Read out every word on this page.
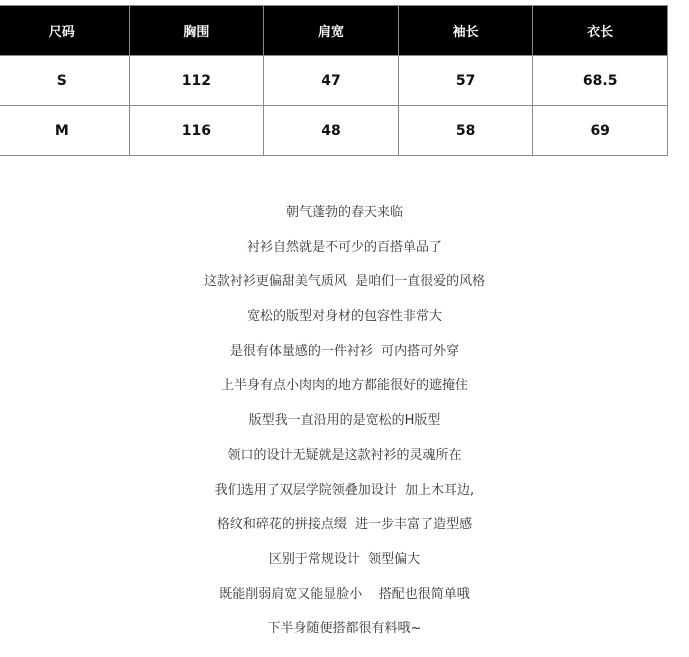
尺码	胸围	肩宽	袖长	衣长
S	112	47	57	68.5
M	116	48	58	69
朝气蓬勃的春天来临
衬衫自然就是不可少的百搭单品了
这款衬衫更偏甜美气质风  是咱们一直很爱的风格
宽松的版型对身材的包容性非常大
是很有体量感的一件衬衫  可内搭可外穿
上半身有点小肉肉的地方都能很好的遮掩住
版型我一直沿用的是宽松的H版型
领口的设计无疑就是这款衬衫的灵魂所在
我们选用了双层学院领叠加设计  加上木耳边,
格纹和碎花的拼接点缀  进一步丰富了造型感
区别于常规设计  领型偏大
既能削弱肩宽又能显脸小    搭配也很简单哦
下半身随便搭都很有料哦~
